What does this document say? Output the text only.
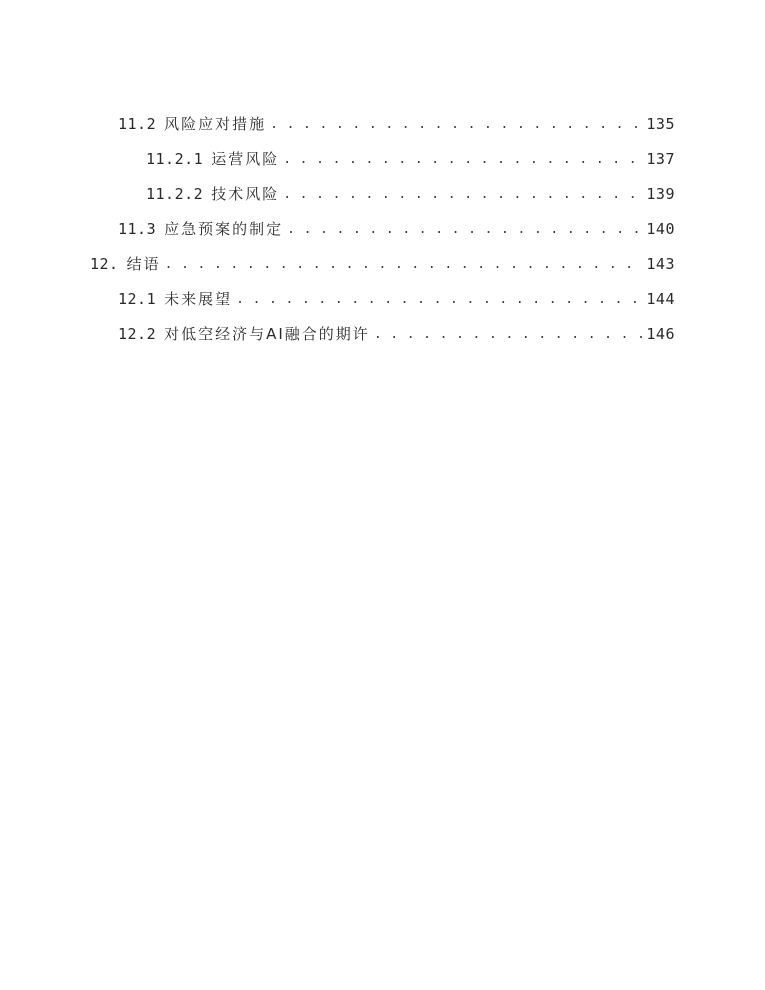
11.2 风险应对措施 . . .	135
11.2.1 运营风险 . . .	137
11.2.2 技术风险 . . .	139
11.3 应急预案的制定 . . .	140
12. 结语 . . .	143
12.1 未来展望 . . .	144
12.2 对低空经济与AI融合的期许 . . .	146
